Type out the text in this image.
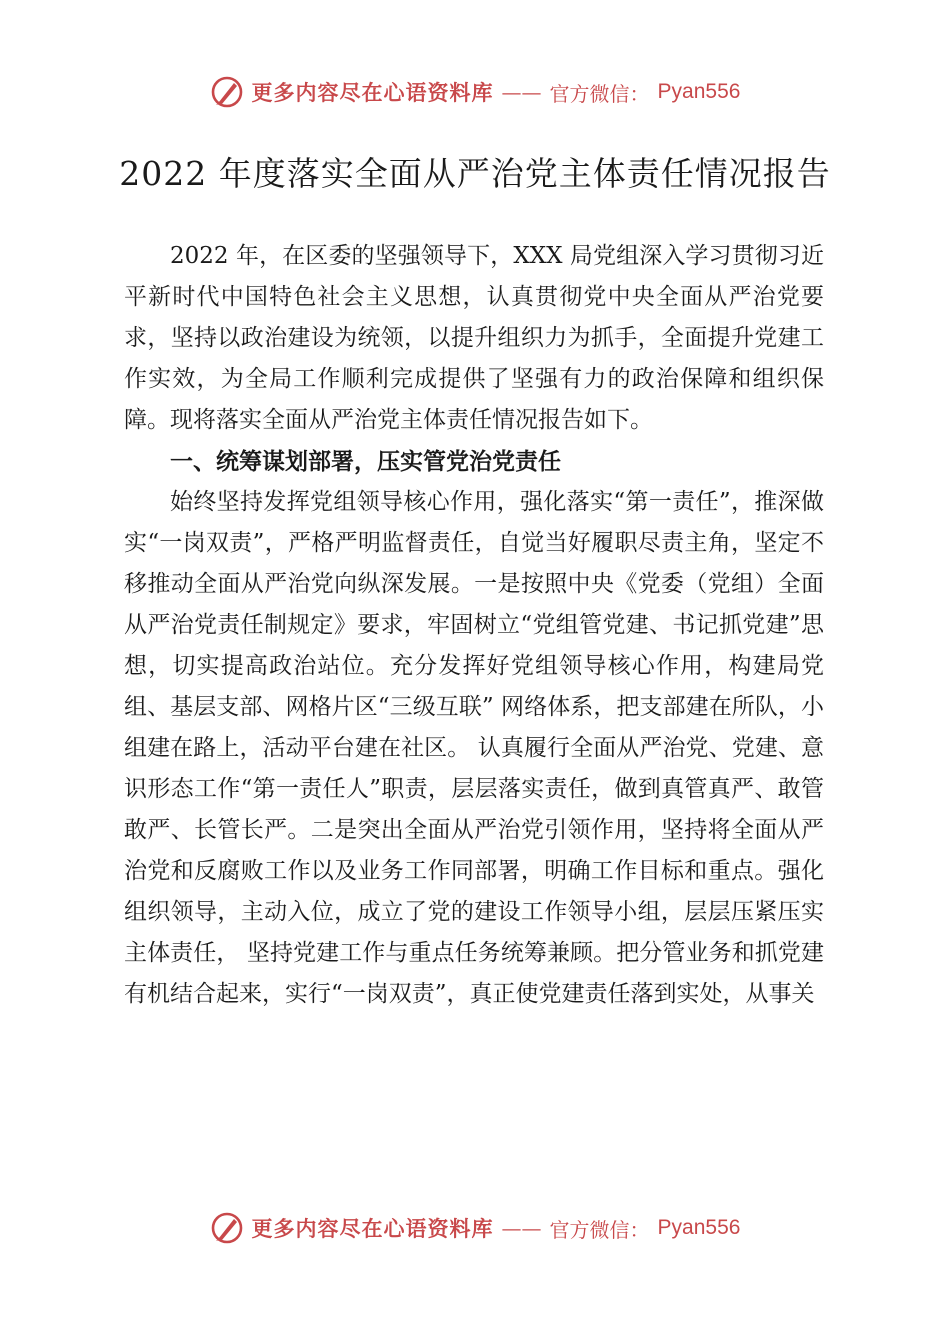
更多内容尽在心语资料库 —— 官方微信： Pyan556
2022 年度落实全面从严治党主体责任情况报告

2022 年，在区委的坚强领导下，XXX 局党组深入学习贯彻习近平新时代中国特色社会主义思想，认真贯彻党中央全面从严治党要求，坚持以政治建设为统领，以提升组织力为抓手，全面提升党建工作实效，为全局工作顺利完成提供了坚强有力的政治保障和组织保障。现将落实全面从严治党主体责任情况报告如下。

一、统筹谋划部署，压实管党治党责任

始终坚持发挥党组领导核心作用，强化落实“第一责任”，推深做实“一岗双责”，严格严明监督责任，自觉当好履职尽责主角，坚定不移推动全面从严治党向纵深发展。一是按照中央《党委（党组）全面从严治党责任制规定》要求，牢固树立“党组管党建、书记抓党建”思想，切实提高政治站位。充分发挥好党组领导核心作用，构建局党组、基层支部、网格片区“三级互联” 网络体系，把支部建在所队，小组建在路上，活动平台建在社区。 认真履行全面从严治党、党建、意识形态工作“第一责任人”职责，层层落实责任，做到真管真严、敢管敢严、长管长严。二是突出全面从严治党引领作用，坚持将全面从严治党和反腐败工作以及业务工作同部署，明确工作目标和重点。强化组织领导，主动入位，成立了党的建设工作领导小组，层层压紧压实主体责任， 坚持党建工作与重点任务统筹兼顾。把分管业务和抓党建有机结合起来，实行“一岗双责”，真正使党建责任落到实处，从事关

更多内容尽在心语资料库 —— 官方微信： Pyan556
